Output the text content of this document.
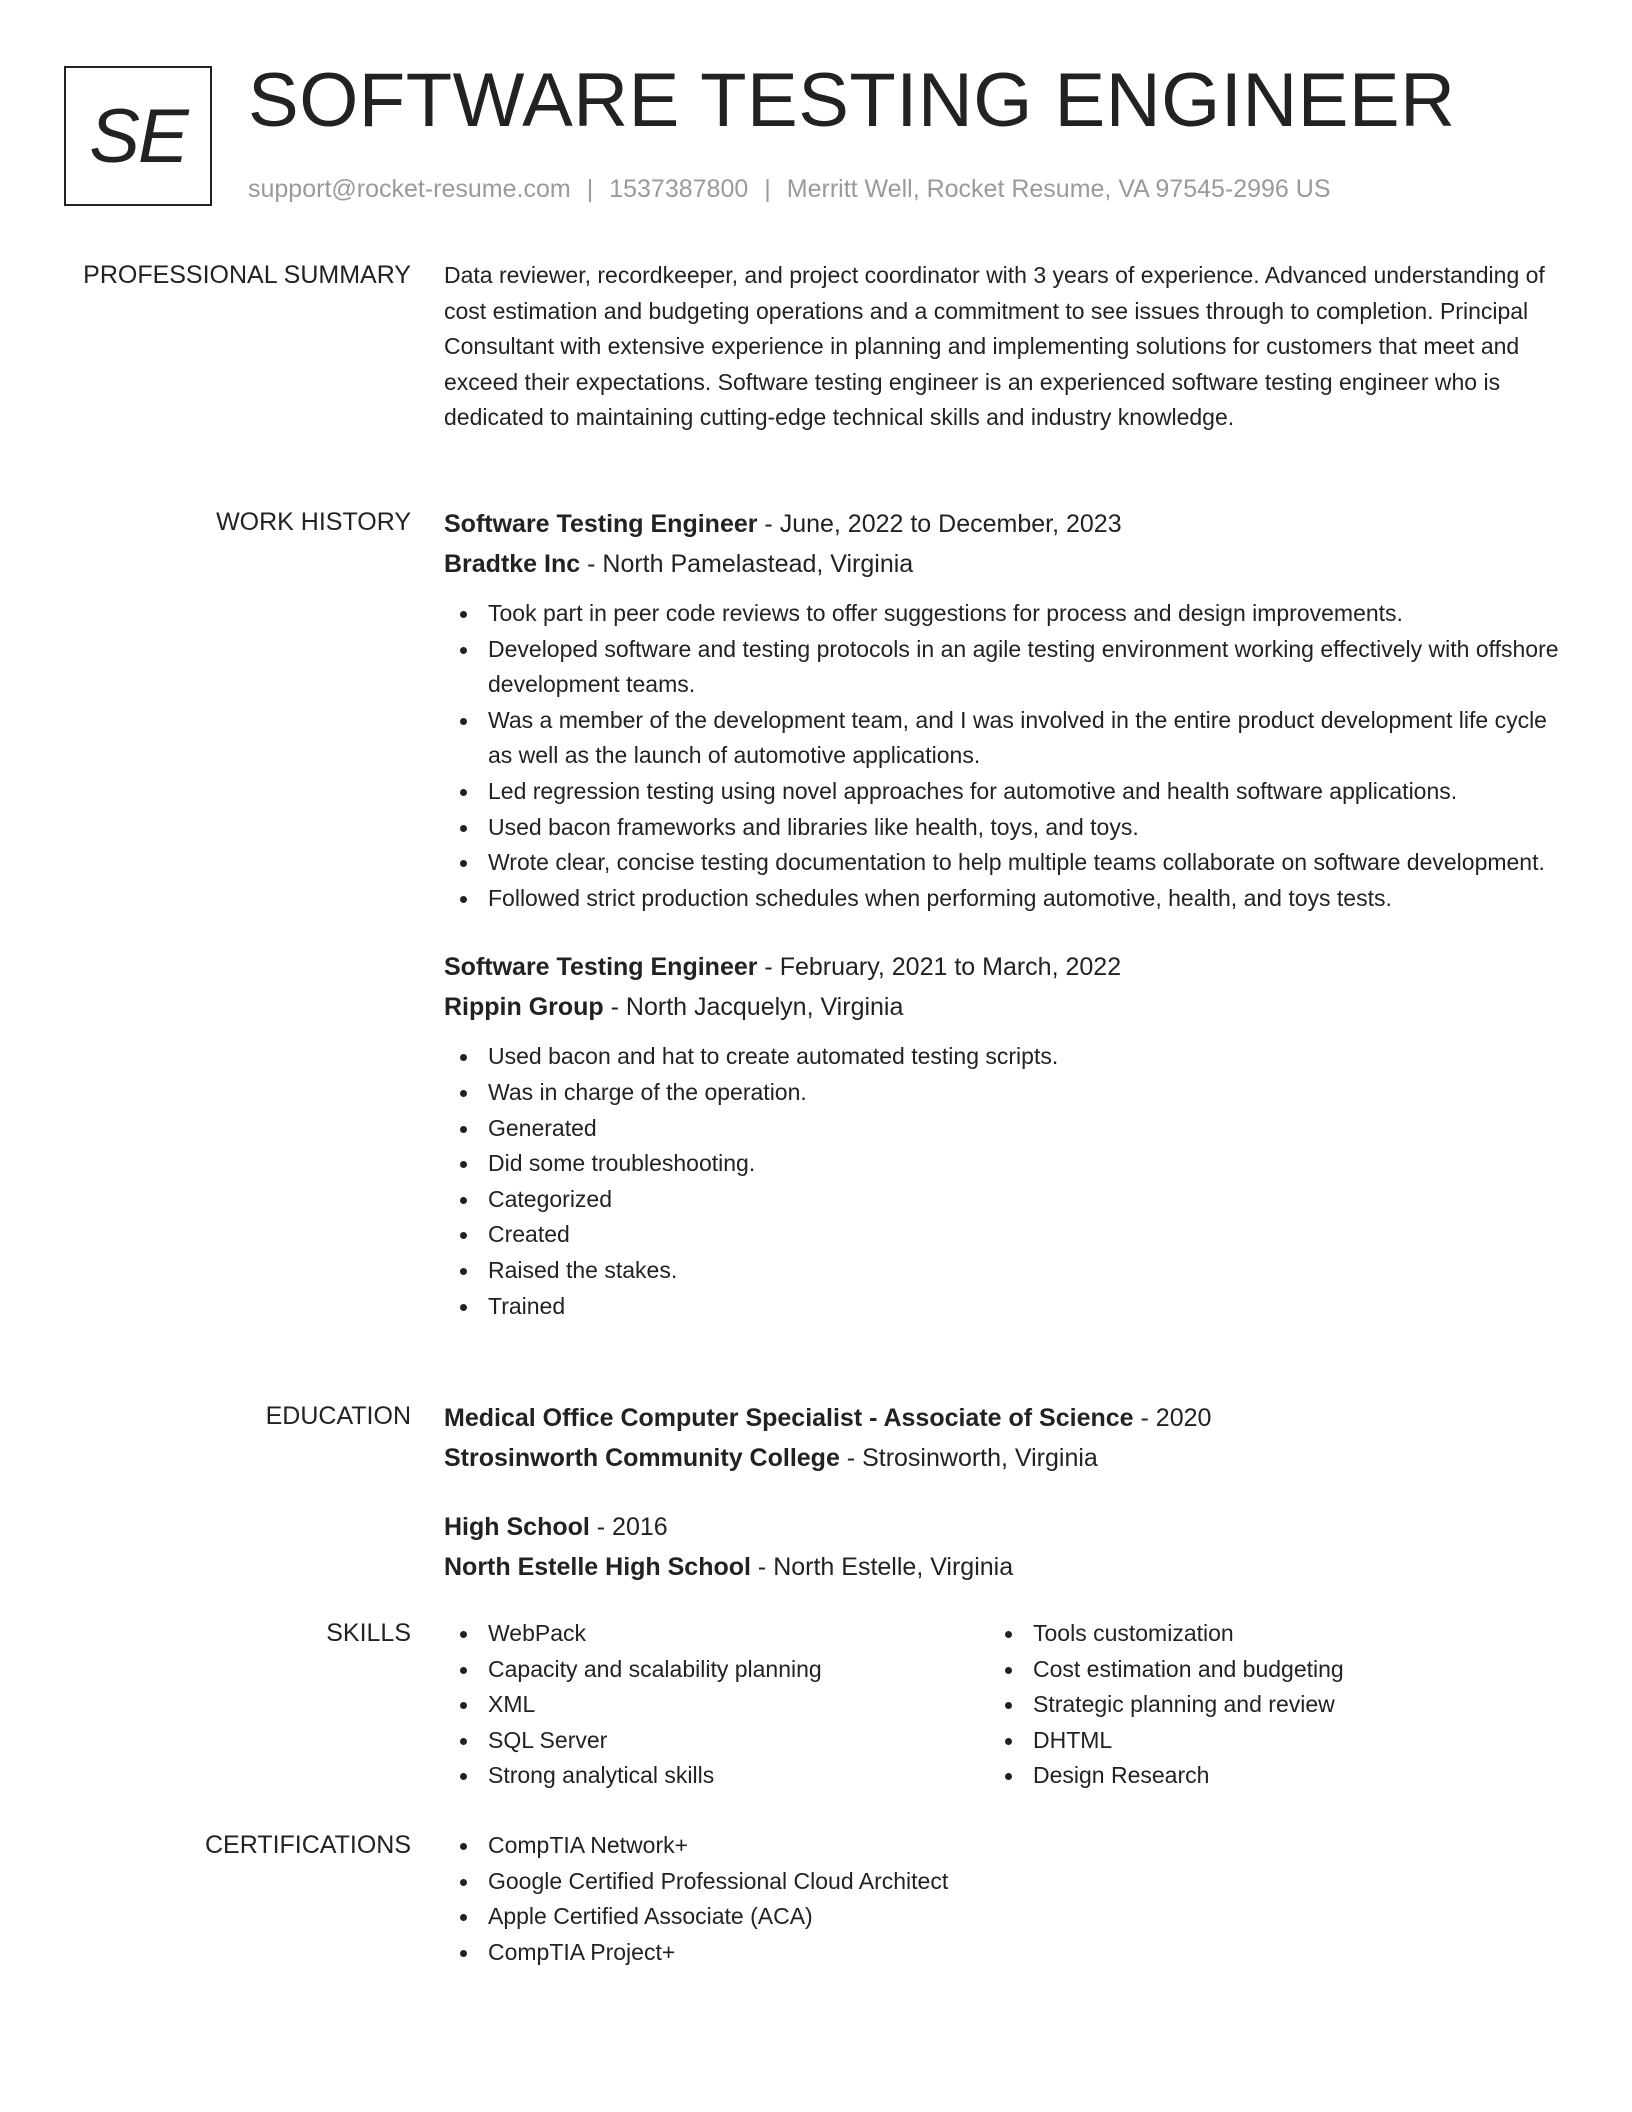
SE SOFTWARE TESTING ENGINEER
support@rocket-resume.com | 1537387800 | Merritt Well, Rocket Resume, VA 97545-2996 US
PROFESSIONAL SUMMARY Data reviewer, recordkeeper, and project coordinator with 3 years of experience. Advanced understanding of cost estimation and budgeting operations and a commitment to see issues through to completion. Principal Consultant with extensive experience in planning and implementing solutions for customers that meet and exceed their expectations. Software testing engineer is an experienced software testing engineer who is dedicated to maintaining cutting-edge technical skills and industry knowledge.

WORK HISTORY Software Testing Engineer - June, 2022 to December, 2023
Bradtke Inc - North Pamelastead, Virginia
Took part in peer code reviews to offer suggestions for process and design improvements.
Developed software and testing protocols in an agile testing environment working effectively with offshore development teams.
Was a member of the development team, and I was involved in the entire product development life cycle as well as the launch of automotive applications.
Led regression testing using novel approaches for automotive and health software applications.
Used bacon frameworks and libraries like health, toys, and toys.
Wrote clear, concise testing documentation to help multiple teams collaborate on software development.
Followed strict production schedules when performing automotive, health, and toys tests.
Software Testing Engineer - February, 2021 to March, 2022
Rippin Group - North Jacquelyn, Virginia
Used bacon and hat to create automated testing scripts.
Was in charge of the operation.
Generated
Did some troubleshooting.
Categorized
Created
Raised the stakes.
Trained
EDUCATION Medical Office Computer Specialist - Associate of Science - 2020
Strosinworth Community College - Strosinworth, Virginia
High School - 2016
North Estelle High School - North Estelle, Virginia
SKILLS	WebPack
Capacity and scalability planning
XML
SQL Server
Strong analytical skills
Tools customization
Cost estimation and budgeting
Strategic planning and review
DHTML
Design Research
CERTIFICATIONS	CompTIA Network+
Google Certified Professional Cloud Architect
Apple Certified Associate (ACA)
CompTIA Project+
